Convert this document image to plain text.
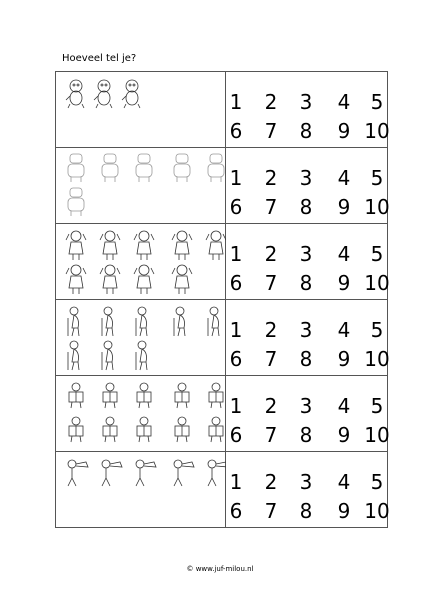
Hoeveel tel je?
1	2	3	4	5
6	7	8	9 10
1	2	3	4	5
6	7	8	9 10
1	2	3	4	5
6	7	8	9 10
1	2	3	4	5
6	7	8	9 10
1	2	3	4	5
6	7	8	9 10
1	2	3	4	5
6	7	8	9 10
© www.juf-milou.nl
